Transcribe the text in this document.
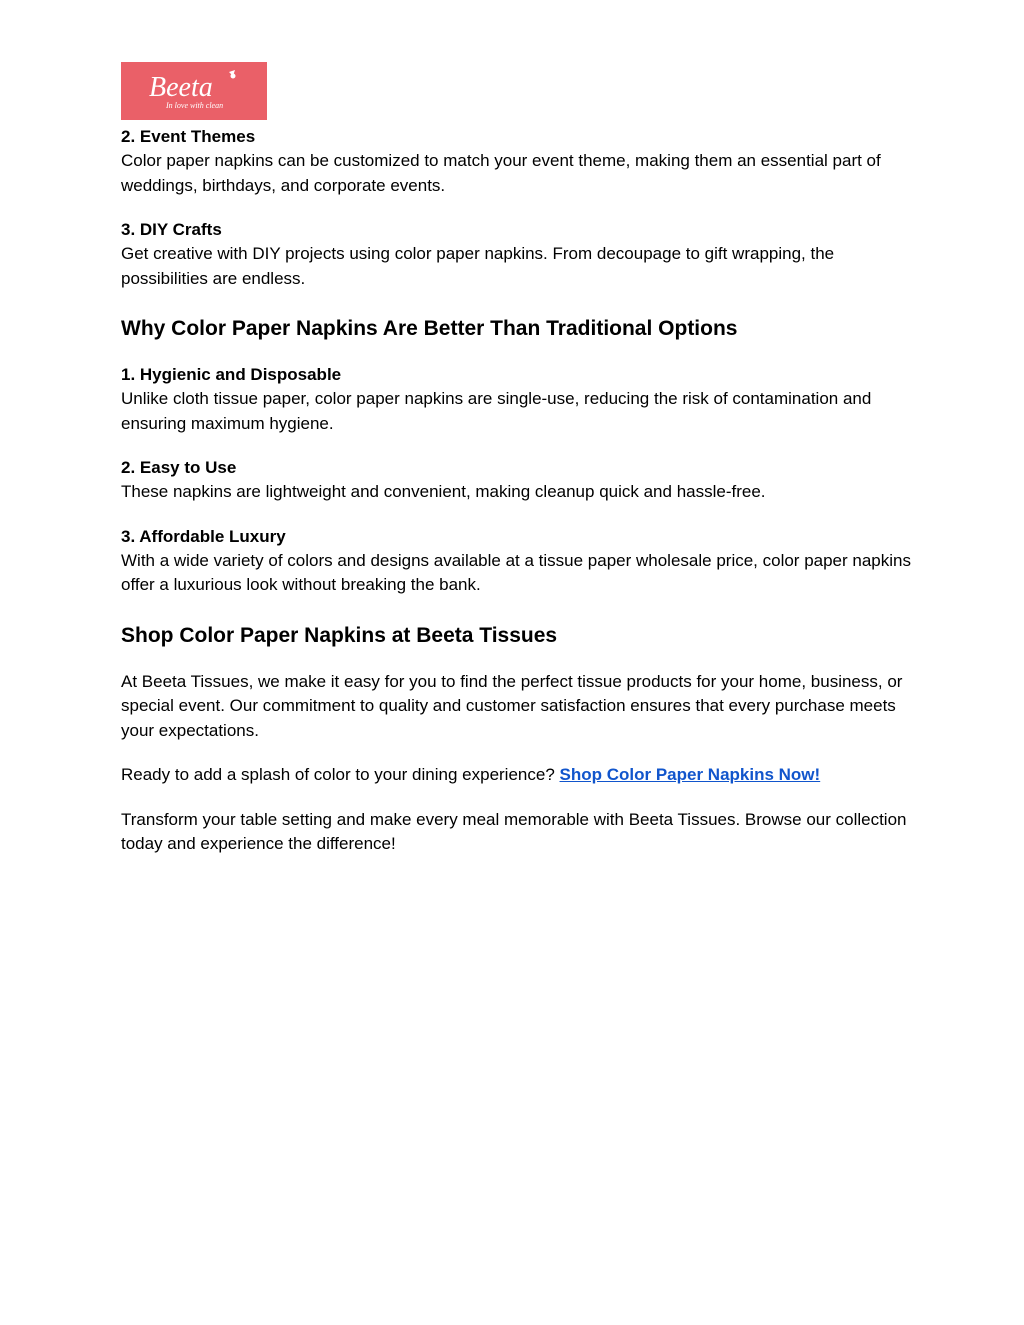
Beeta
In love with clean

2. Event Themes

Color paper napkins can be customized to match your event theme, making them an essential part of weddings, birthdays, and corporate events.

3. DIY Crafts

Get creative with DIY projects using color paper napkins. From decoupage to gift wrapping, the possibilities are endless.

Why Color Paper Napkins Are Better Than Traditional Options

1. Hygienic and Disposable

Unlike cloth tissue paper, color paper napkins are single-use, reducing the risk of contamination and ensuring maximum hygiene.

2. Easy to Use

These napkins are lightweight and convenient, making cleanup quick and hassle-free.

3. Affordable Luxury

With a wide variety of colors and designs available at a tissue paper wholesale price, color paper napkins offer a luxurious look without breaking the bank.

Shop Color Paper Napkins at Beeta Tissues

At Beeta Tissues, we make it easy for you to find the perfect tissue products for your home, business, or special event. Our commitment to quality and customer satisfaction ensures that every purchase meets your expectations.

Ready to add a splash of color to your dining experience? Shop Color Paper Napkins Now!

Transform your table setting and make every meal memorable with Beeta Tissues. Browse our collection today and experience the difference!
